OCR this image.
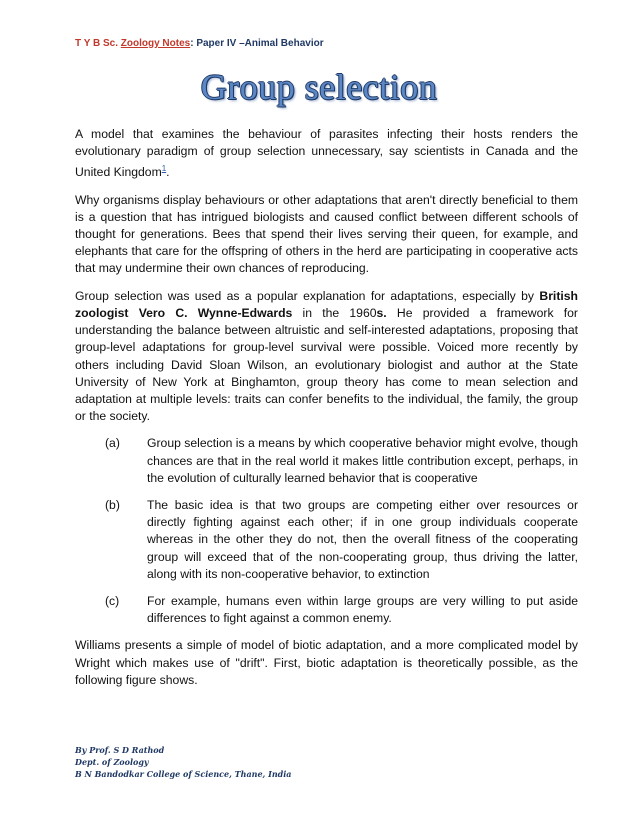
T Y B Sc. Zoology Notes: Paper IV –Animal Behavior
Group selection

A model that examines the behaviour of parasites infecting their hosts renders the evolutionary paradigm of group selection unnecessary, say scientists in Canada and the United Kingdom$^1$.

Why organisms display behaviours or other adaptations that aren't directly beneficial to them is a question that has intrigued biologists and caused conflict between different schools of thought for generations. Bees that spend their lives serving their queen, for example, and elephants that care for the offspring of others in the herd are participating in cooperative acts that may undermine their own chances of reproducing.

Group selection was used as a popular explanation for adaptations, especially by British zoologist Vero C. Wynne-Edwards in the 1960s. He provided a framework for understanding the balance between altruistic and self-interested adaptations, proposing that group-level adaptations for group-level survival were possible. Voiced more recently by others including David Sloan Wilson, an evolutionary biologist and author at the State University of New York at Binghamton, group theory has come to mean selection and adaptation at multiple levels: traits can confer benefits to the individual, the family, the group or the society.

(a)	Group selection is a means by which cooperative behavior might evolve, though chances are that in the real world it makes little contribution except, perhaps, in the evolution of culturally learned behavior that is cooperative
(b)	The basic idea is that two groups are competing either over resources or directly fighting against each other; if in one group individuals cooperate whereas in the other they do not, then the overall fitness of the cooperating group will exceed that of the non-cooperating group, thus driving the latter, along with its non-cooperative behavior, to extinction
(c)	For example, humans even within large groups are very willing to put aside differences to fight against a common enemy.

Williams presents a simple of model of biotic adaptation, and a more complicated model by Wright which makes use of "drift". First, biotic adaptation is theoretically possible, as the following figure shows.

By Prof. S D Rathod
Dept. of Zoology
B N Bandodkar College of Science, Thane, India
